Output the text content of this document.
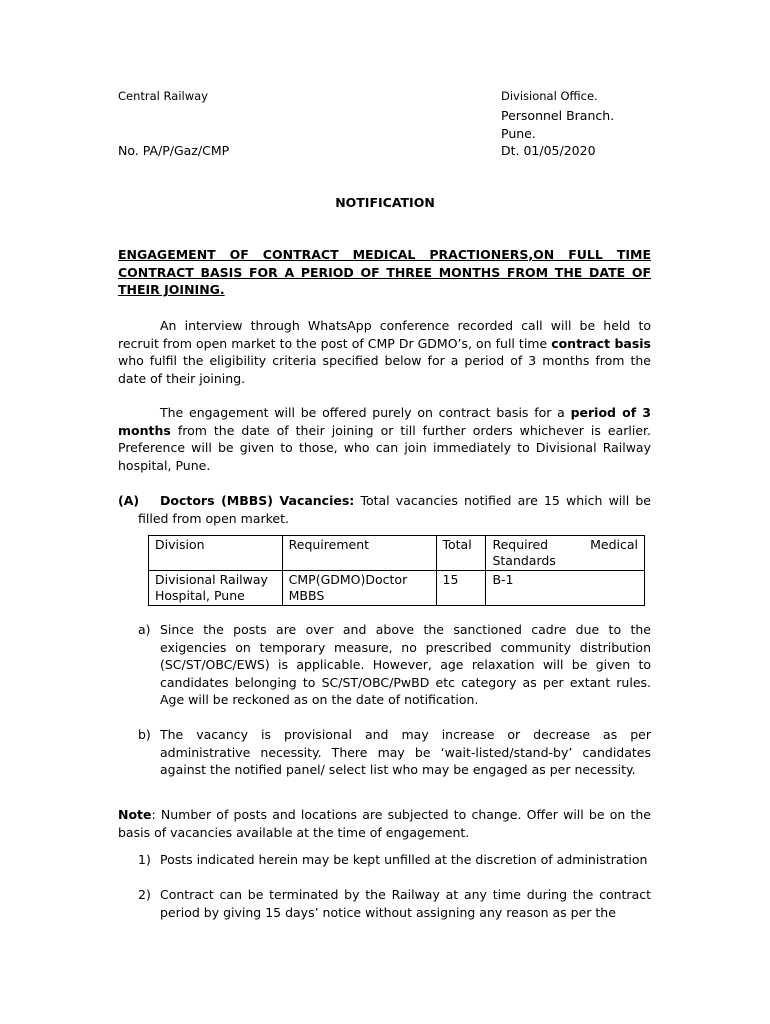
Central Railway	Divisional Office.
Personnel Branch.
Pune.
No. PA/P/Gaz/CMP	Dt. 01/05/2020
NOTIFICATION
ENGAGEMENT OF CONTRACT MEDICAL PRACTIONERS,ON FULL TIME CONTRACT BASIS FOR A PERIOD OF THREE MONTHS FROM THE DATE OF THEIR JOINING.
An interview through WhatsApp conference recorded call will be held to recruit from open market to the post of CMP Dr GDMO’s, on full time contract basis who fulfil the eligibility criteria specified below for a period of 3 months from the date of their joining.
The engagement will be offered purely on contract basis for a period of 3 months from the date of their joining or till further orders whichever is earlier. Preference will be given to those, who can join immediately to Divisional Railway hospital, Pune.
(A)	Doctors (MBBS) Vacancies: Total vacancies notified are 15 which will be filled from open market.
Division	Requirement	Total	Required Medical Standards
Divisional Railway Hospital, Pune	CMP(GDMO)Doctor MBBS	15	B-1
a) Since the posts are over and above the sanctioned cadre due to the exigencies on temporary measure, no prescribed community distribution (SC/ST/OBC/EWS) is applicable. However, age relaxation will be given to candidates belonging to SC/ST/OBC/PwBD etc category as per extant rules. Age will be reckoned as on the date of notification.
b) The vacancy is provisional and may increase or decrease as per administrative necessity. There may be ‘wait-listed/stand-by’ candidates against the notified panel/ select list who may be engaged as per necessity.
Note: Number of posts and locations are subjected to change. Offer will be on the basis of vacancies available at the time of engagement.
1) Posts indicated herein may be kept unfilled at the discretion of administration
2) Contract can be terminated by the Railway at any time during the contract period by giving 15 days’ notice without assigning any reason as per the
